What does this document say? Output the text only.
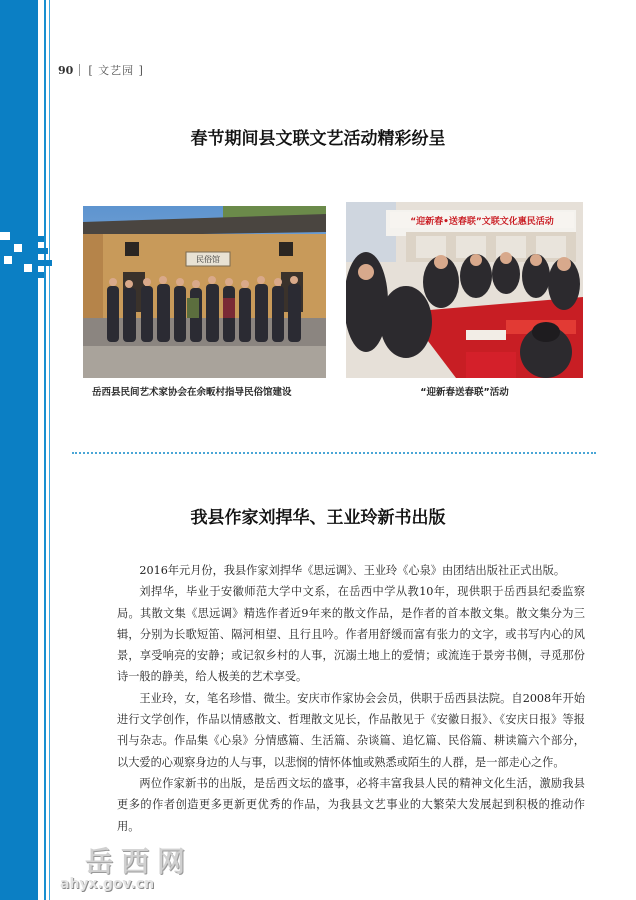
90 [ 文艺园 ]
春节期间县文联文艺活动精彩纷呈
民俗馆
“迎新春•送春联”文联文化惠民活动
岳西县民间艺术家协会在余畈村指导民俗馆建设	“迎新春送春联”活动
我县作家刘捍华、王业玲新书出版

2016年元月份，我县作家刘捍华《思远调》、王业玲《心泉》由团结出版社正式出版。

刘捍华，毕业于安徽师范大学中文系，在岳西中学从教10年，现供职于岳西县纪委监察局。其散文集《思远调》精选作者近9年来的散文作品，是作者的首本散文集。散文集分为三辑，分别为长歌短笛、隔河相望、且行且吟。作者用舒缓而富有张力的文字，或书写内心的风景，享受响亮的安静；或记叙乡村的人事，沉溺土地上的爱情；或流连于景旁书侧，寻觅那份诗一般的静美，给人极美的艺术享受。

王业玲，女，笔名珍惜、微尘。安庆市作家协会会员，供职于岳西县法院。自2008年开始进行文学创作，作品以情感散文、哲理散文见长，作品散见于《安徽日报》、《安庆日报》等报刊与杂志。作品集《心泉》分情感篇、生活篇、杂谈篇、追忆篇、民俗篇、耕读篇六个部分，以大爱的心观察身边的人与事，以悲悯的情怀体恤或熟悉或陌生的人群，是一部走心之作。

两位作家新书的出版，是岳西文坛的盛事，必将丰富我县人民的精神文化生活，激励我县更多的作者创造更多更新更优秀的作品，为我县文艺事业的大繁荣大发展起到积极的推动作用。

岳西网
ahyx.gov.cn
